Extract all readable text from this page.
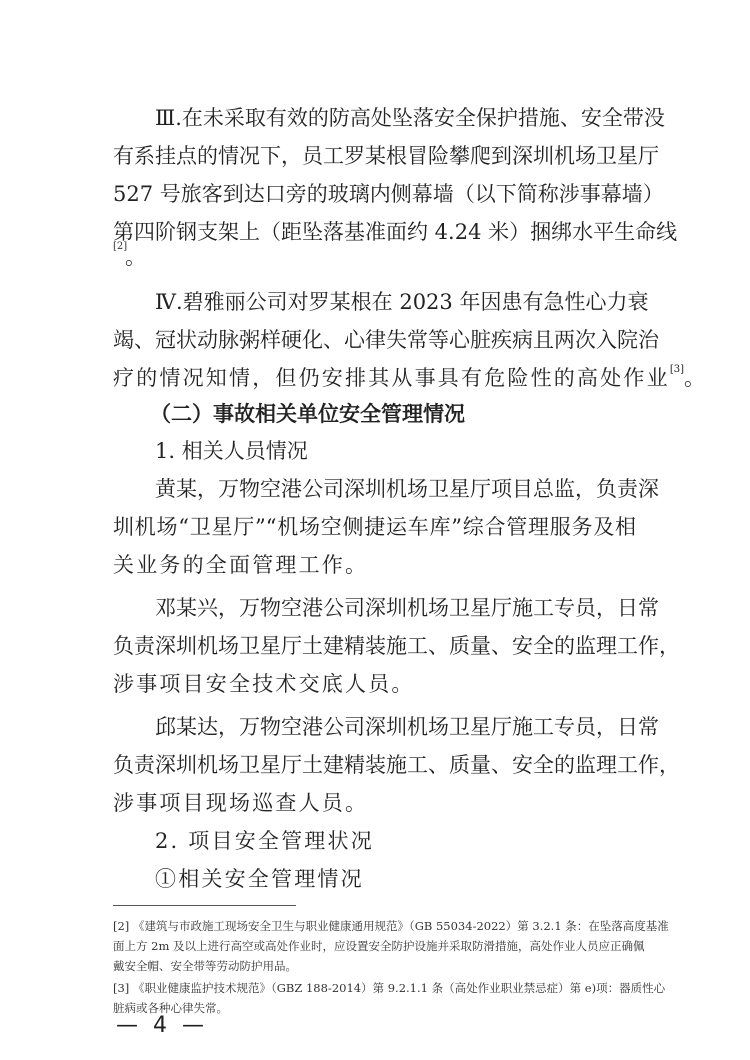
Ⅲ.在未采取有效的防高处坠落安全保护措施、安全带没
有系挂点的情况下，员工罗某根冒险攀爬到深圳机场卫星厅
527 号旅客到达口旁的玻璃内侧幕墙（以下简称涉事幕墙）
第四阶钢支架上（距坠落基准面约 4.24 米）捆绑水平生命线
[2]
。
Ⅳ.碧雅丽公司对罗某根在 2023 年因患有急性心力衰
竭、冠状动脉粥样硬化、心律失常等心脏疾病且两次入院治
疗的情况知情，但仍安排其从事具有危险性的高处作业[3]。
（二）事故相关单位安全管理情况
1. 相关人员情况
黄某，万物空港公司深圳机场卫星厅项目总监，负责深
圳机场“卫星厅”“机场空侧捷运车库”综合管理服务及相
关业务的全面管理工作。
邓某兴，万物空港公司深圳机场卫星厅施工专员，日常
负责深圳机场卫星厅土建精装施工、质量、安全的监理工作，
涉事项目安全技术交底人员。
邱某达，万物空港公司深圳机场卫星厅施工专员，日常
负责深圳机场卫星厅土建精装施工、质量、安全的监理工作，
涉事项目现场巡查人员。
2. 项目安全管理状况
①相关安全管理情况
[2] 《建筑与市政施工现场安全卫生与职业健康通用规范》（GB 55034-2022）第 3.2.1 条：在坠落高度基准
面上方 2m 及以上进行高空或高处作业时，应设置安全防护设施并采取防滑措施，高处作业人员应正确佩
戴安全帽、安全带等劳动防护用品。
[3] 《职业健康监护技术规范》（GBZ 188-2014）第 9.2.1.1 条（高处作业职业禁忌症）第 e)项：器质性心
脏病或各种心律失常。
— 4 —
